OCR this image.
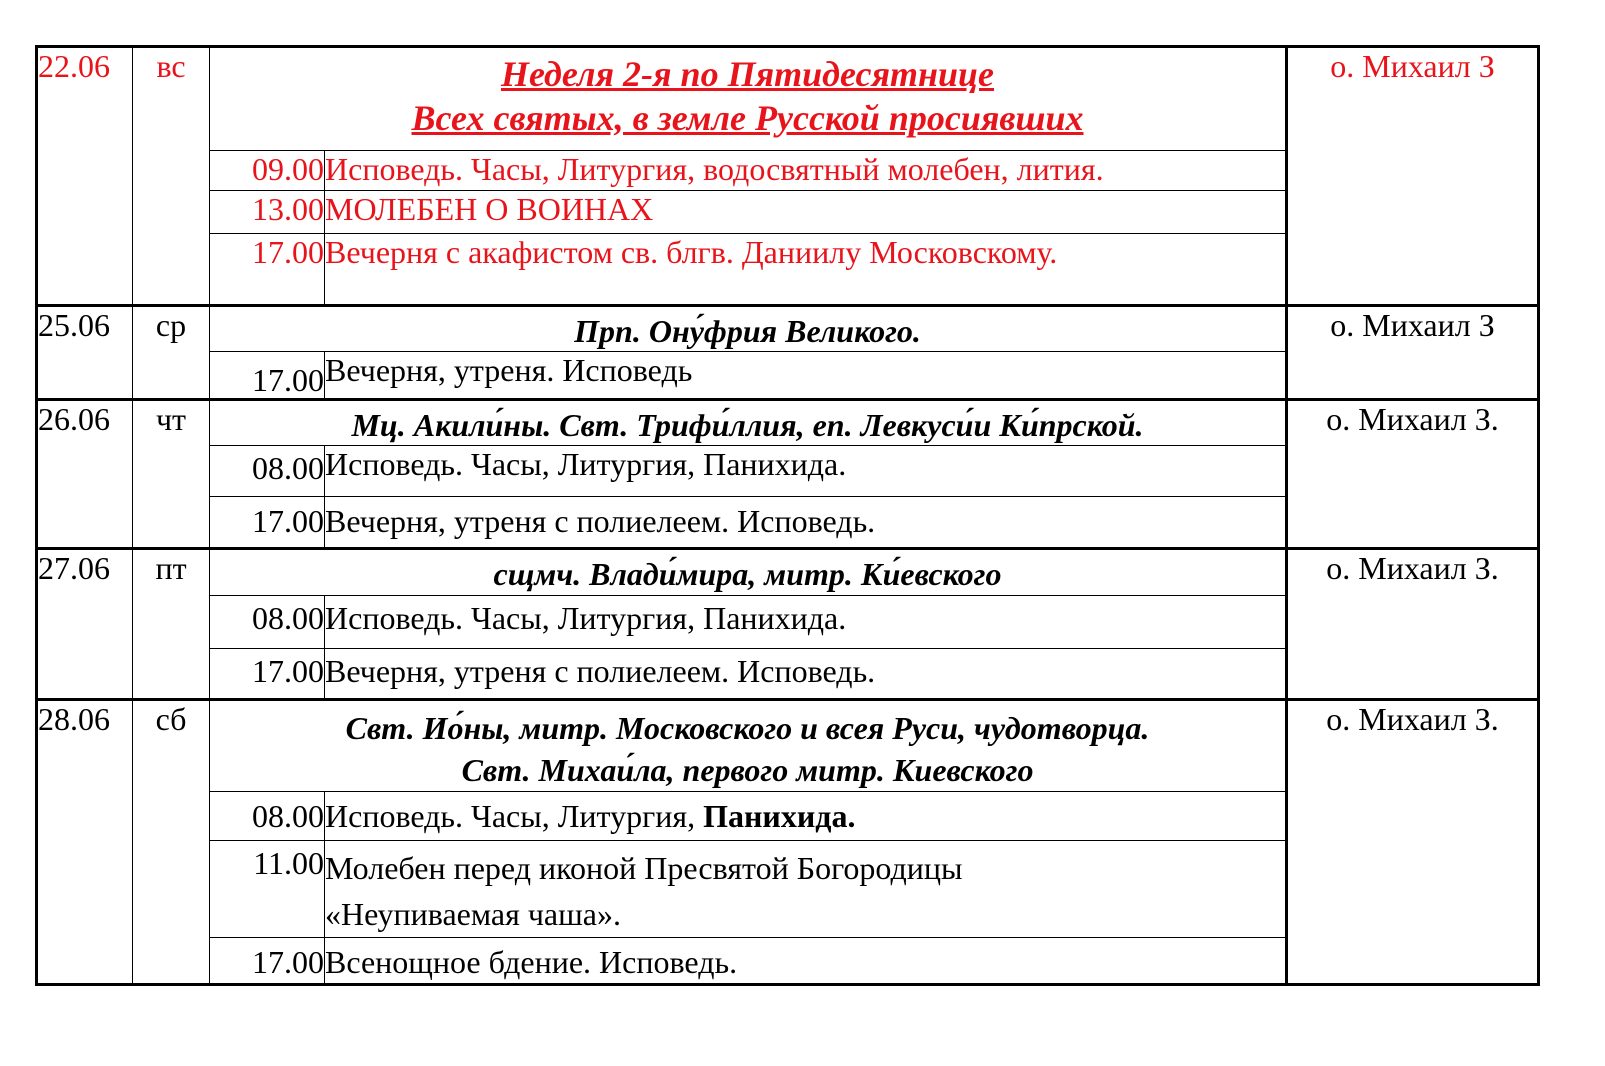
22.06	вс	Неделя 2-я по Пятидесятнице
Всех святых, в земле Русской просиявших		о. Михаил З
		09.00	Исповедь. Часы, Литургия, водосвятный молебен, лития.	
		13.00	МОЛЕБЕН О ВОИНАХ	
		17.00	Вечерня с акафистом св. блгв. Даниилу Московскому.	

25.06	ср	Прп. Ону́фрия Великого.		о. Михаил З
		17.00	Вечерня, утреня. Исповедь	
26.06	чт	Мц. Акили́ны. Свт. Трифи́ллия, еп. Левкуси́и Ки́прской.		о. Михаил З.
		08.00	Исповедь. Часы, Литургия, Панихида.	
		17.00	Вечерня, утреня с полиелеем. Исповедь.	
27.06	пт	сщмч. Влади́мира, митр. Ки́евского		о. Михаил З.
		08.00	Исповедь. Часы, Литургия, Панихида.	
		17.00	Вечерня, утреня с полиелеем. Исповедь.	
28.06	сб	Свт. Ио́ны, митр. Московского и всея Руси, чудотворца.
Свт. Михаи́ла, первого митр. Киевского		о. Михаил З.
		08.00	Исповедь. Часы, Литургия, Панихида.	
		11.00	Молебен перед иконой Пресвятой Богородицы
«Неупиваемая чаша».	

		17.00	Всенощное бдение. Исповедь.	
